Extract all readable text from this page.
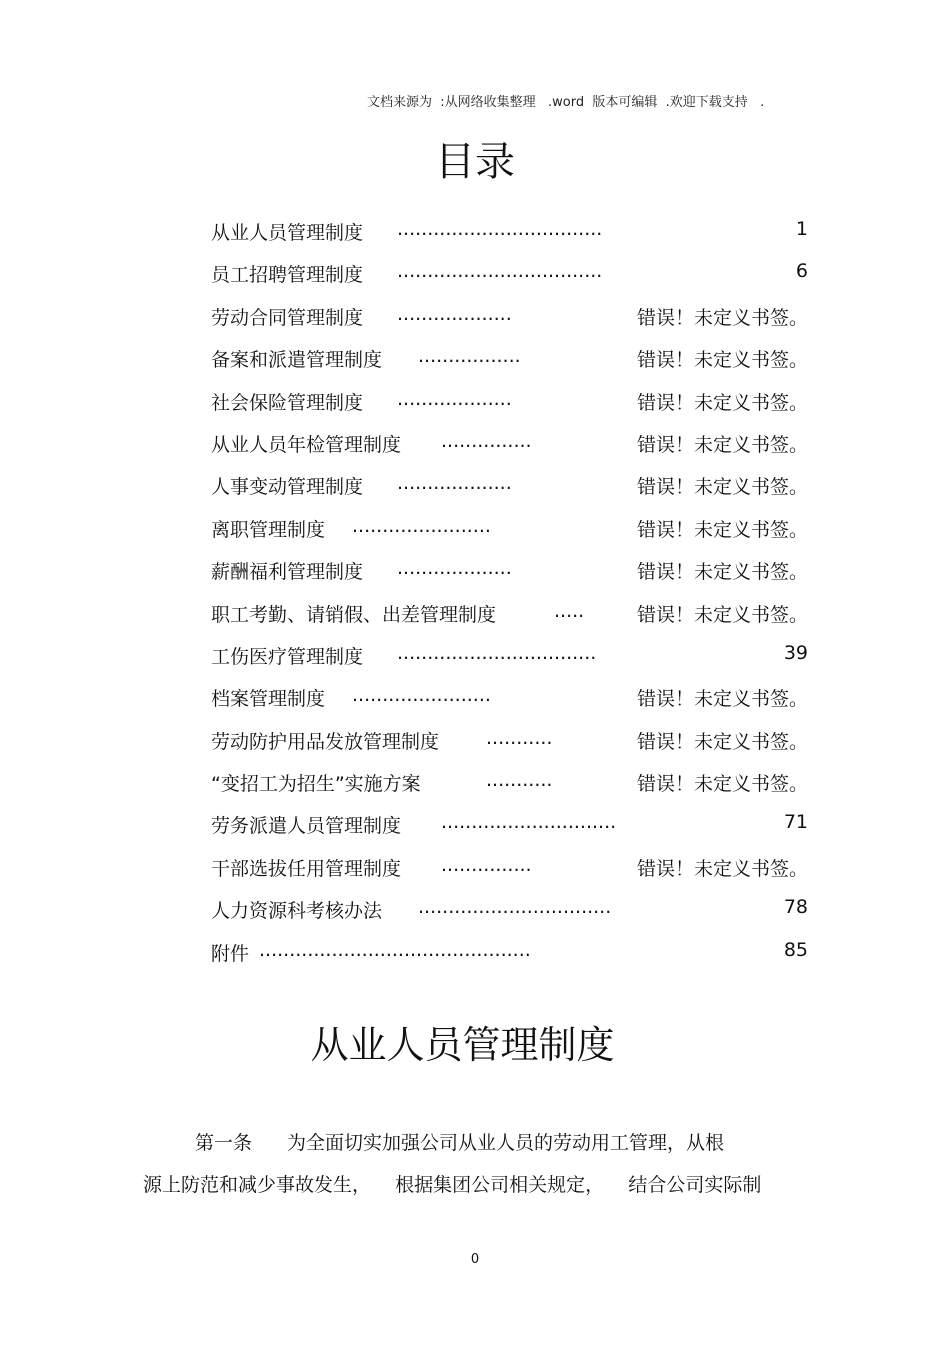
文档来源为  :从网络收集整理   .word  版本可编辑  .欢迎下载支持   .
目录
从业人员管理制度 ..................................	1
员工招聘管理制度 ..................................	6
劳动合同管理制度 ...................	错误！未定义书签。
备案和派遣管理制度 .................	错误！未定义书签。
社会保险管理制度 ...................	错误！未定义书签。
从业人员年检管理制度 ...............	错误！未定义书签。
人事变动管理制度 ...................	错误！未定义书签。
离职管理制度 .......................	错误！未定义书签。
薪酬福利管理制度 ...................	错误！未定义书签。
职工考勤、请销假、出差管理制度	.....	错误！未定义书签。
工伤医疗管理制度 .................................	39
档案管理制度 .......................	错误！未定义书签。
劳动防护用品发放管理制度 ...........	错误！未定义书签。
“变招工为招生”实施方案	...........	错误！未定义书签。
劳务派遣人员管理制度 .............................	71
干部选拔任用管理制度 ...............	错误！未定义书签。
人力资源科考核办法 ................................	78
附件 .............................................	85
从业人员管理制度
第一条 为全面切实加强公司从业人员的劳动用工管理，从根
源上防范和减少事故发生，    根据集团公司相关规定，    结合公司实际制
0
